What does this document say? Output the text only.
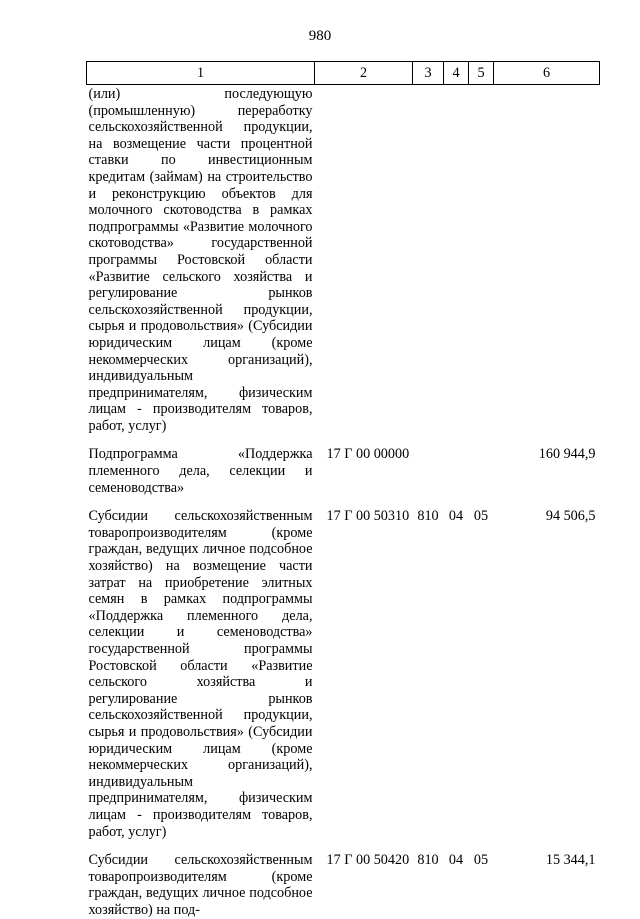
980
1	2	3	4	5	6
(или) последующую (промышленную) переработку сельскохозяйственной продукции, на возмещение части процентной ставки по инвестиционным кредитам (займам) на строительство и реконструкцию объектов для молочного скотоводства в рамках подпрограммы «Развитие молочного скотоводства» государственной программы Ростовской области «Развитие сельского хозяйства и регулирование рынков сельскохозяйственной продукции, сырья и продовольствия» (Субсидии юридическим лицам (кроме некоммерческих организаций), индивидуальным предпринимателям, физическим лицам - производителям товаров, работ, услуг)					

Подпрограмма «Поддержка племенного дела, селекции и семеноводства»	17 Г 00 00000				160 944,9

Субсидии сельскохозяйственным товаропроизводителям (кроме граждан, ведущих личное подсобное хозяйство) на возмещение части затрат на приобретение элитных семян в рамках подпрограммы «Поддержка племенного дела, селекции и семеноводства» государственной программы Ростовской области «Развитие сельского хозяйства и регулирование рынков сельскохозяйственной продукции, сырья и продовольствия» (Субсидии юридическим лицам (кроме некоммерческих организаций), индивидуальным предпринимателям, физическим лицам - производителям товаров, работ, услуг)	17 Г 00 50310	810	04	05	94 506,5

Субсидии сельскохозяйственным товаропроизводителям (кроме граждан, ведущих личное подсобное хозяйство) на под-	17 Г 00 50420	810	04	05	15 344,1
